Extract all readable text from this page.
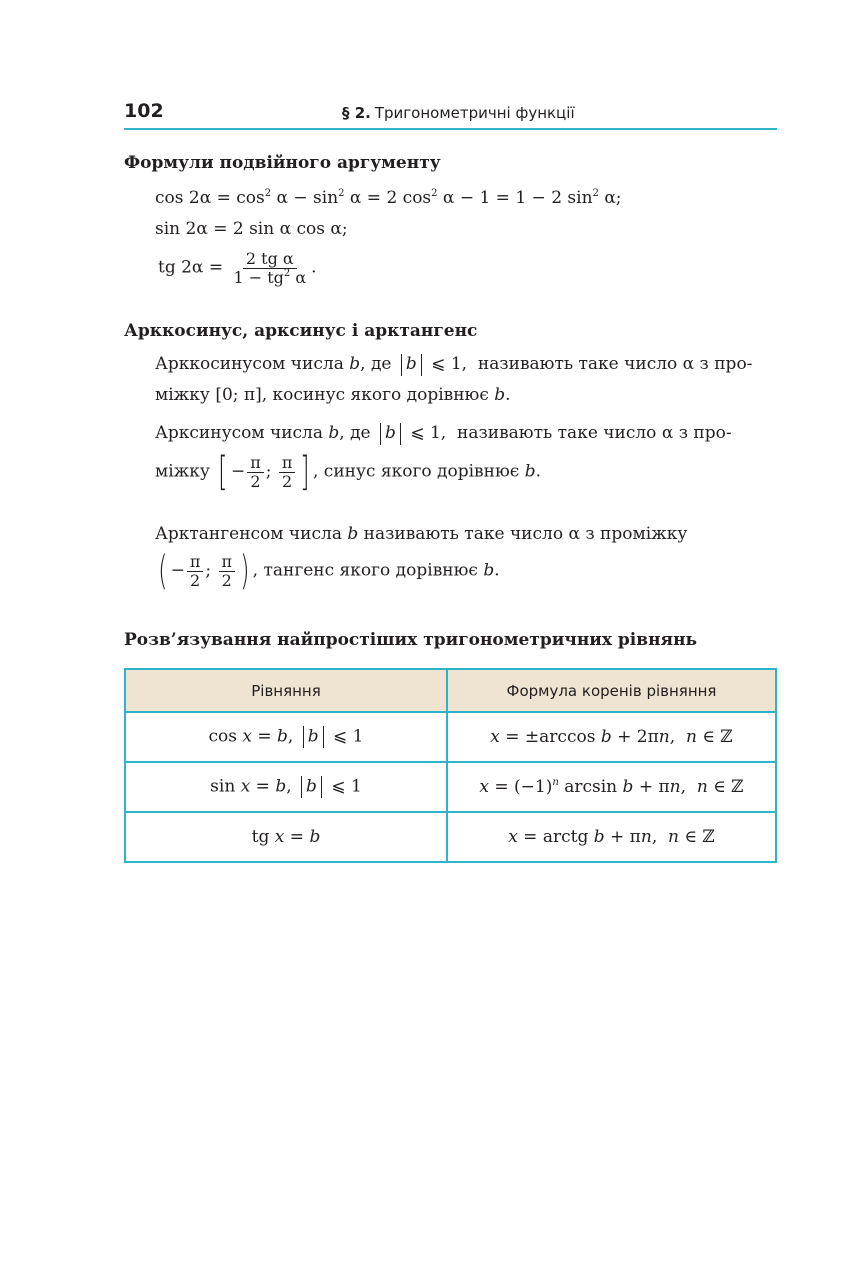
102	§ 2. Тригонометричні функції
Формули подвійного аргументу
$\cos 2\alpha = \cos^2 \alpha - \sin^2 \alpha = 2$ $\cos^2 \alpha - 1 = 1 - 2$ $\sin^2 \alpha$;
sin 2α = 2 sin α cos α;
tg $2\alpha = \frac{\text{2 tg α}}{1 - tg^2 \alpha}$ .
Арккосинус, арксинус і арктангенс
Арккосинусом числа b, де b ⩽ 1,  називають таке число α з про-
міжку [0; π], косинус якого дорівнює b.
Арксинусом числа b, де b ⩽ 1,  називають таке число α з про-
міжку [ − $\frac{\pi}{2}$ ; $\frac{\pi}{2}$ ] , синус якого дорівнює b.
Арктангенсом числа b називають таке число α з проміжку
( − $\frac{\pi}{2}$ ; $\frac{\pi}{2}$ ) , тангенс якого дорівнює b.
Розв’язування найпростіших тригонометричних рівнянь
Рівняння	Формула коренів рівняння
cos x = b, b ⩽ 1	x = ±arccos b + 2πn,  n ∈ ℤ
sin x = b, b ⩽ 1	$x = (-1)^n$ arcsin b + πn,  n ∈ ℤ
tg x = b	x = arctg b + πn,  n ∈ ℤ
